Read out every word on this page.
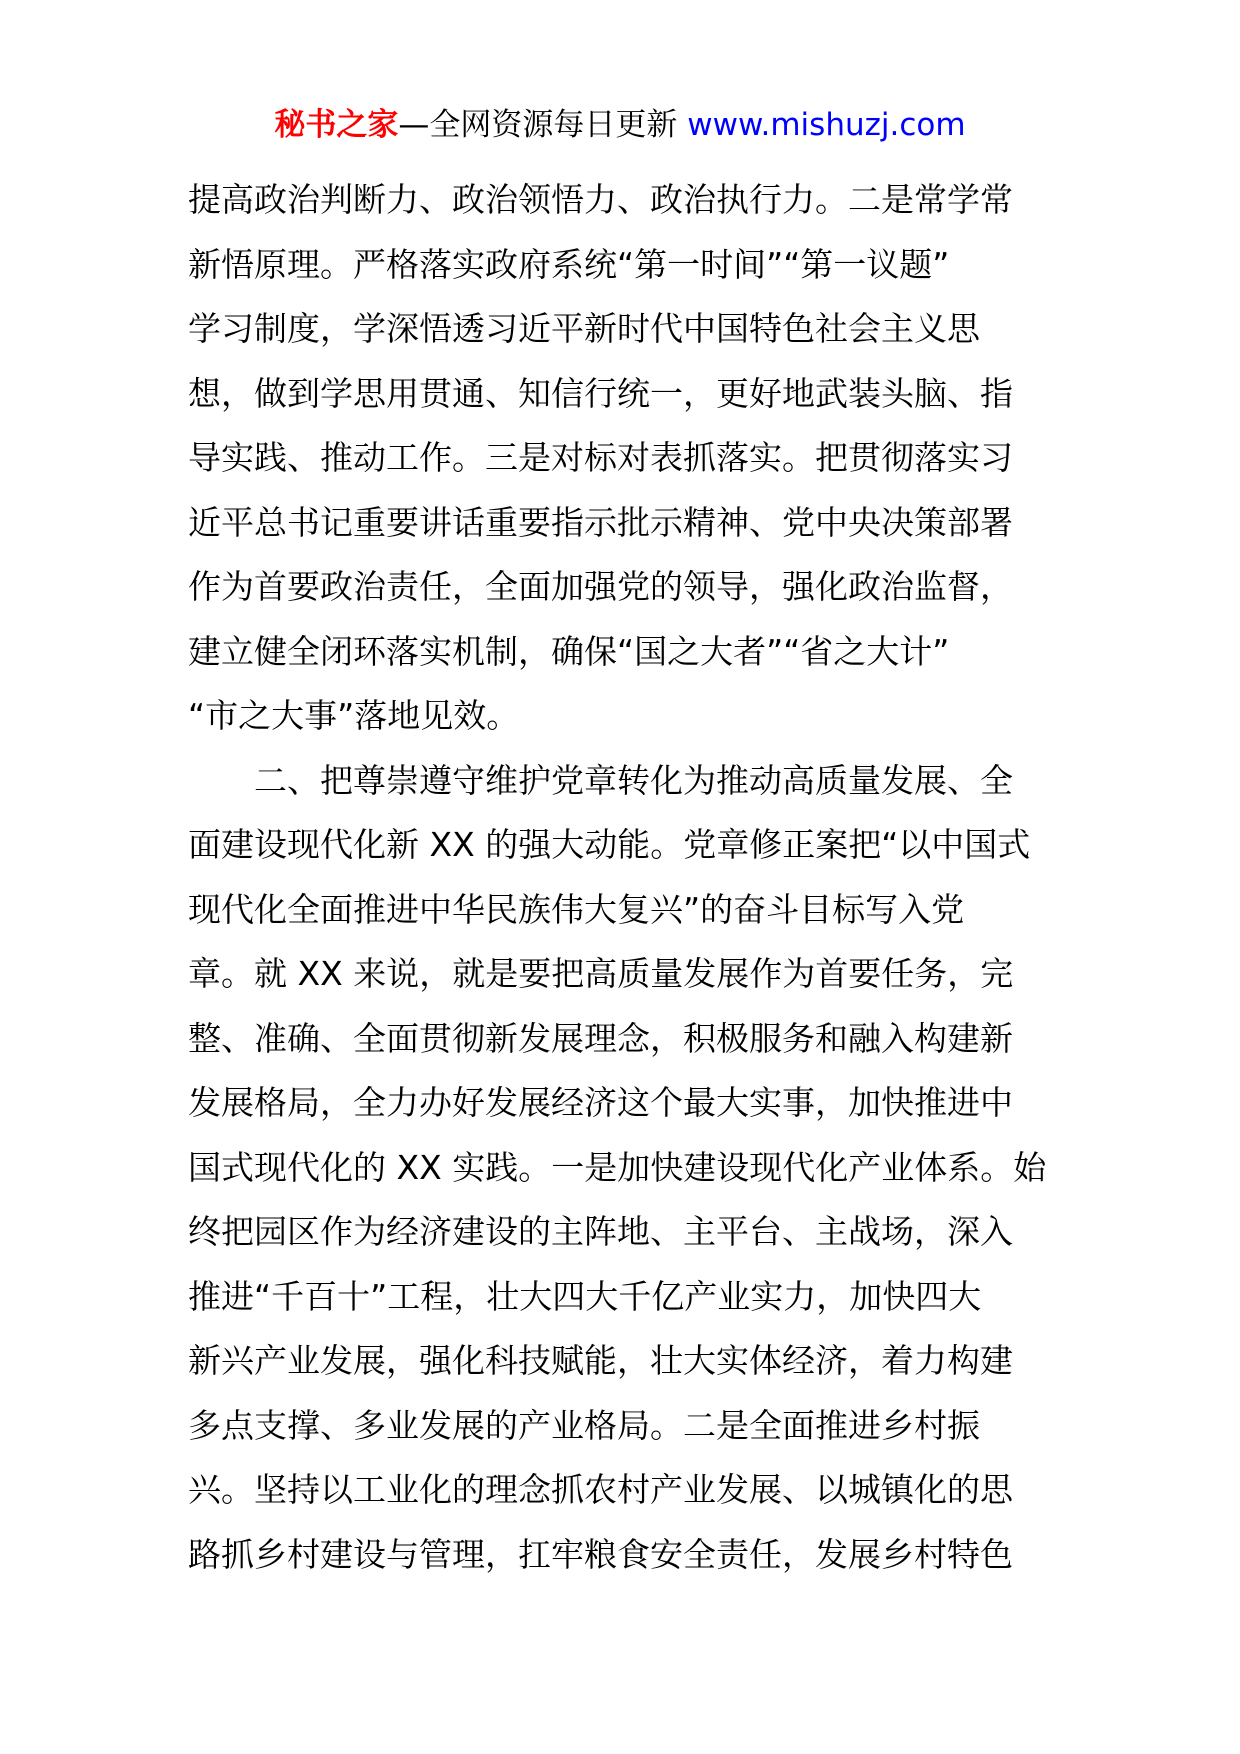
秘书之家—全网资源每日更新 www.mishuzj.com
提高政治判断力、政治领悟力、政治执行力。二是常学常
新悟原理。严格落实政府系统“第一时间”“第一议题”
学习制度，学深悟透习近平新时代中国特色社会主义思
想，做到学思用贯通、知信行统一，更好地武装头脑、指
导实践、推动工作。三是对标对表抓落实。把贯彻落实习
近平总书记重要讲话重要指示批示精神、党中央决策部署
作为首要政治责任，全面加强党的领导，强化政治监督，
建立健全闭环落实机制，确保“国之大者”“省之大计”
“市之大事”落地见效。
二、把尊崇遵守维护党章转化为推动高质量发展、全
面建设现代化新 XX 的强大动能。党章修正案把“以中国式
现代化全面推进中华民族伟大复兴”的奋斗目标写入党
章。就 XX 来说，就是要把高质量发展作为首要任务，完
整、准确、全面贯彻新发展理念，积极服务和融入构建新
发展格局，全力办好发展经济这个最大实事，加快推进中
国式现代化的 XX 实践。一是加快建设现代化产业体系。始
终把园区作为经济建设的主阵地、主平台、主战场，深入
推进“千百十”工程，壮大四大千亿产业实力，加快四大
新兴产业发展，强化科技赋能，壮大实体经济，着力构建
多点支撑、多业发展的产业格局。二是全面推进乡村振
兴。坚持以工业化的理念抓农村产业发展、以城镇化的思
路抓乡村建设与管理，扛牢粮食安全责任，发展乡村特色
